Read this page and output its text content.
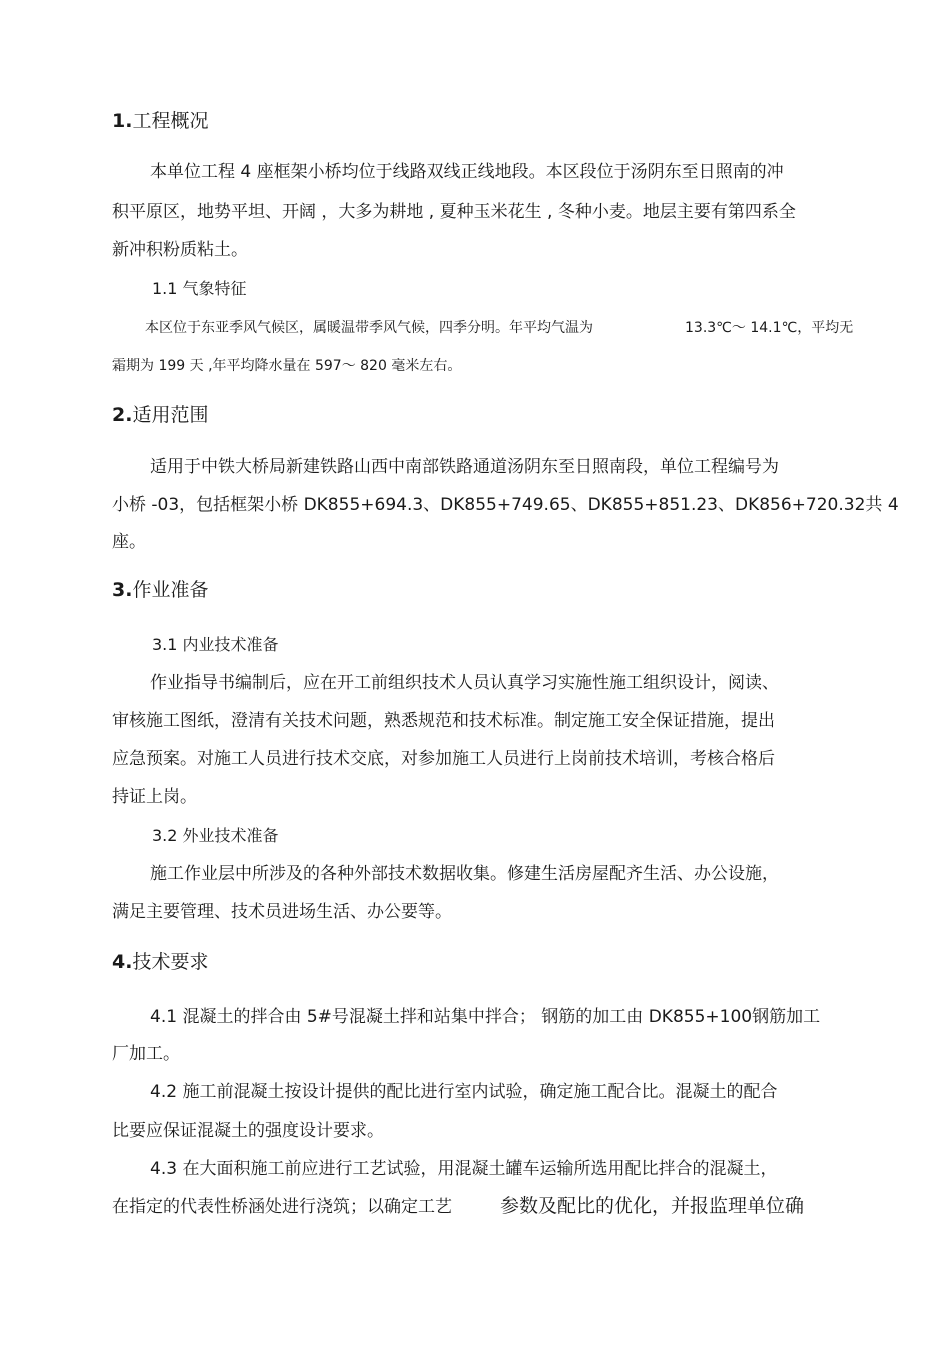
1.工程概况
本单位工程 4 座框架小桥均位于线路双线正线地段。本区段位于汤阴东至日照南的冲
积平原区，地势平坦、开阔 ，大多为耕地 , 夏种玉米花生 , 冬种小麦。地层主要有第四系全
新冲积粉质粘土。
1.1 气象特征
本区位于东亚季风气候区，属暖温带季风气候，四季分明。年平均气温为	13.3℃～ 14.1℃，平均无
霜期为 199 天 ,年平均降水量在 597～ 820 毫米左右。
2.适用范围
适用于中铁大桥局新建铁路山西中南部铁路通道汤阴东至日照南段，单位工程编号为
小桥 -03，包括框架小桥 DK855+694.3、DK855+749.65、DK855+851.23、DK856+720.32共 4
座。
3.作业准备
3.1 内业技术准备
作业指导书编制后，应在开工前组织技术人员认真学习实施性施工组织设计，阅读、
审核施工图纸，澄清有关技术问题，熟悉规范和技术标准。制定施工安全保证措施，提出
应急预案。对施工人员进行技术交底，对参加施工人员进行上岗前技术培训，考核合格后
持证上岗。
3.2 外业技术准备
施工作业层中所涉及的各种外部技术数据收集。修建生活房屋配齐生活、办公设施，
满足主要管理、技术员进场生活、办公要等。
4.技术要求
4.1 混凝土的拌合由 5#号混凝土拌和站集中拌合； 钢筋的加工由 DK855+100钢筋加工
厂加工。
4.2 施工前混凝土按设计提供的配比进行室内试验，确定施工配合比。混凝土的配合
比要应保证混凝土的强度设计要求。
4.3 在大面积施工前应进行工艺试验，用混凝土罐车运输所选用配比拌合的混凝土，
在指定的代表性桥涵处进行浇筑；以确定工艺	参数及配比的优化，并报监理单位确
